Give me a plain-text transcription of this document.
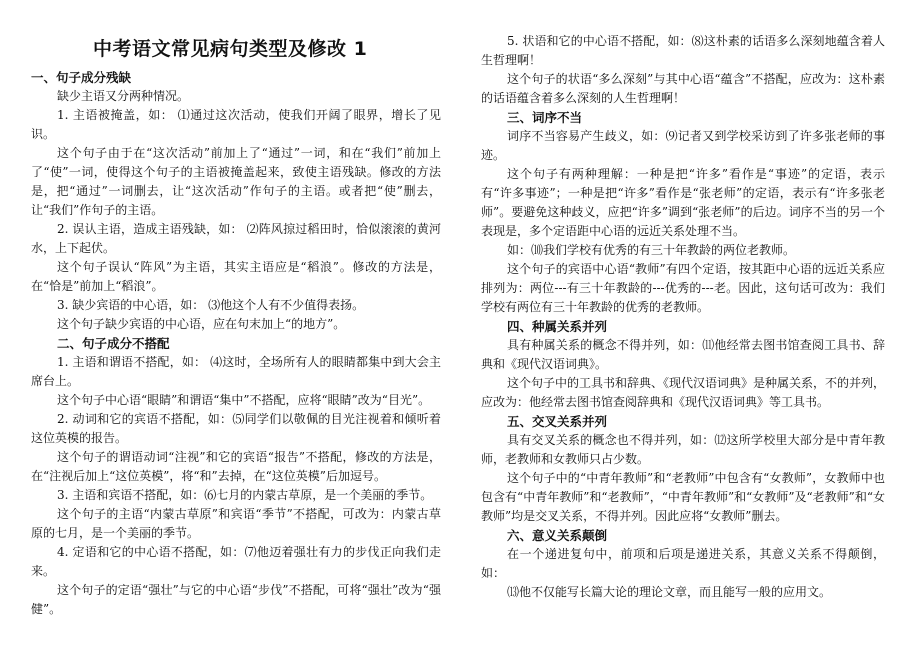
中考语文常见病句类型及修改 1
一、句子成分残缺

缺少主语又分两种情况。

1. 主语被掩盖，如： ⑴通过这次活动，使我们开阔了眼界，增长了见识。

这个句子由于在“这次活动”前加上了“通过”一词，和在“我们”前加上了“使”一词，使得这个句子的主语被掩盖起来，致使主语残缺。修改的方法是，把“通过”一词删去，让“这次活动”作句子的主语。或者把“使”删去，让“我们”作句子的主语。

2. 误认主语，造成主语残缺，如： ⑵阵风掠过稻田时，恰似滚滚的黄河水，上下起伏。

这个句子误认“阵风”为主语，其实主语应是“稻浪”。修改的方法是，在“恰是”前加上“稻浪”。

3. 缺少宾语的中心语，如： ⑶他这个人有不少值得表扬。

这个句子缺少宾语的中心语，应在句末加上“的地方”。

二、句子成分不搭配

1. 主语和谓语不搭配，如： ⑷这时，全场所有人的眼睛都集中到大会主席台上。

这个句子中心语“眼睛”和谓语“集中”不搭配，应将“眼睛”改为“目光”。

2. 动词和它的宾语不搭配，如：⑸同学们以敬佩的目光注视着和倾听着这位英模的报告。

这个句子的谓语动词“注视”和它的宾语“报告”不搭配，修改的方法是，在“注视后加上“这位英模”，将“和”去掉，在“这位英模”后加逗号。

3. 主语和宾语不搭配，如：⑹七月的内蒙古草原，是一个美丽的季节。

这个句子的主语“内蒙古草原”和宾语“季节”不搭配，可改为：内蒙古草原的七月，是一个美丽的季节。

4. 定语和它的中心语不搭配，如：⑺他迈着强壮有力的步伐正向我们走来。

这个句子的定语“强壮”与它的中心语“步伐”不搭配，可将“强壮”改为“强健”。

5. 状语和它的中心语不搭配，如：⑻这朴素的话语多么深刻地蕴含着人生哲理啊！

这个句子的状语“多么深刻”与其中心语“蕴含”不搭配，应改为：这朴素的话语蕴含着多么深刻的人生哲理啊！

三、词序不当

词序不当容易产生歧义，如：⑼记者又到学校采访到了许多张老师的事迹。

这个句子有两种理解：一种是把“许多”看作是“事迹”的定语，表示有“许多事迹”；一种是把“许多”看作是“张老师”的定语，表示有“许多张老师”。要避免这种歧义，应把“许多”调到“张老师”的后边。词序不当的另一个表现是，多个定语距中心语的远近关系处理不当。

如：⑽我们学校有优秀的有三十年教龄的两位老教师。

这个句子的宾语中心语“教师”有四个定语，按其距中心语的远近关系应排列为：两位---有三十年教龄的---优秀的---老。因此，这句话可改为：我们学校有两位有三十年教龄的优秀的老教师。

四、种属关系并列

具有种属关系的概念不得并列，如：⑾他经常去图书馆查阅工具书、辞典和《现代汉语词典》。

这个句子中的工具书和辞典、《现代汉语词典》是种属关系，不的并列，应改为：他经常去图书馆查阅辞典和《现代汉语词典》等工具书。

五、交叉关系并列

具有交叉关系的概念也不得并列，如：⑿这所学校里大部分是中青年教师，老教师和女教师只占少数。

这个句子中的“中青年教师”和“老教师”中包含有“女教师”，女教师中也包含有“中青年教师”和“老教师”，“中青年教师”和“女教师”及“老教师”和“女教师”均是交叉关系，不得并列。因此应将“女教师”删去。

六、意义关系颠倒

在一个递进复句中，前项和后项是递进关系，其意义关系不得颠倒，如：

⒀他不仅能写长篇大论的理论文章，而且能写一般的应用文。
